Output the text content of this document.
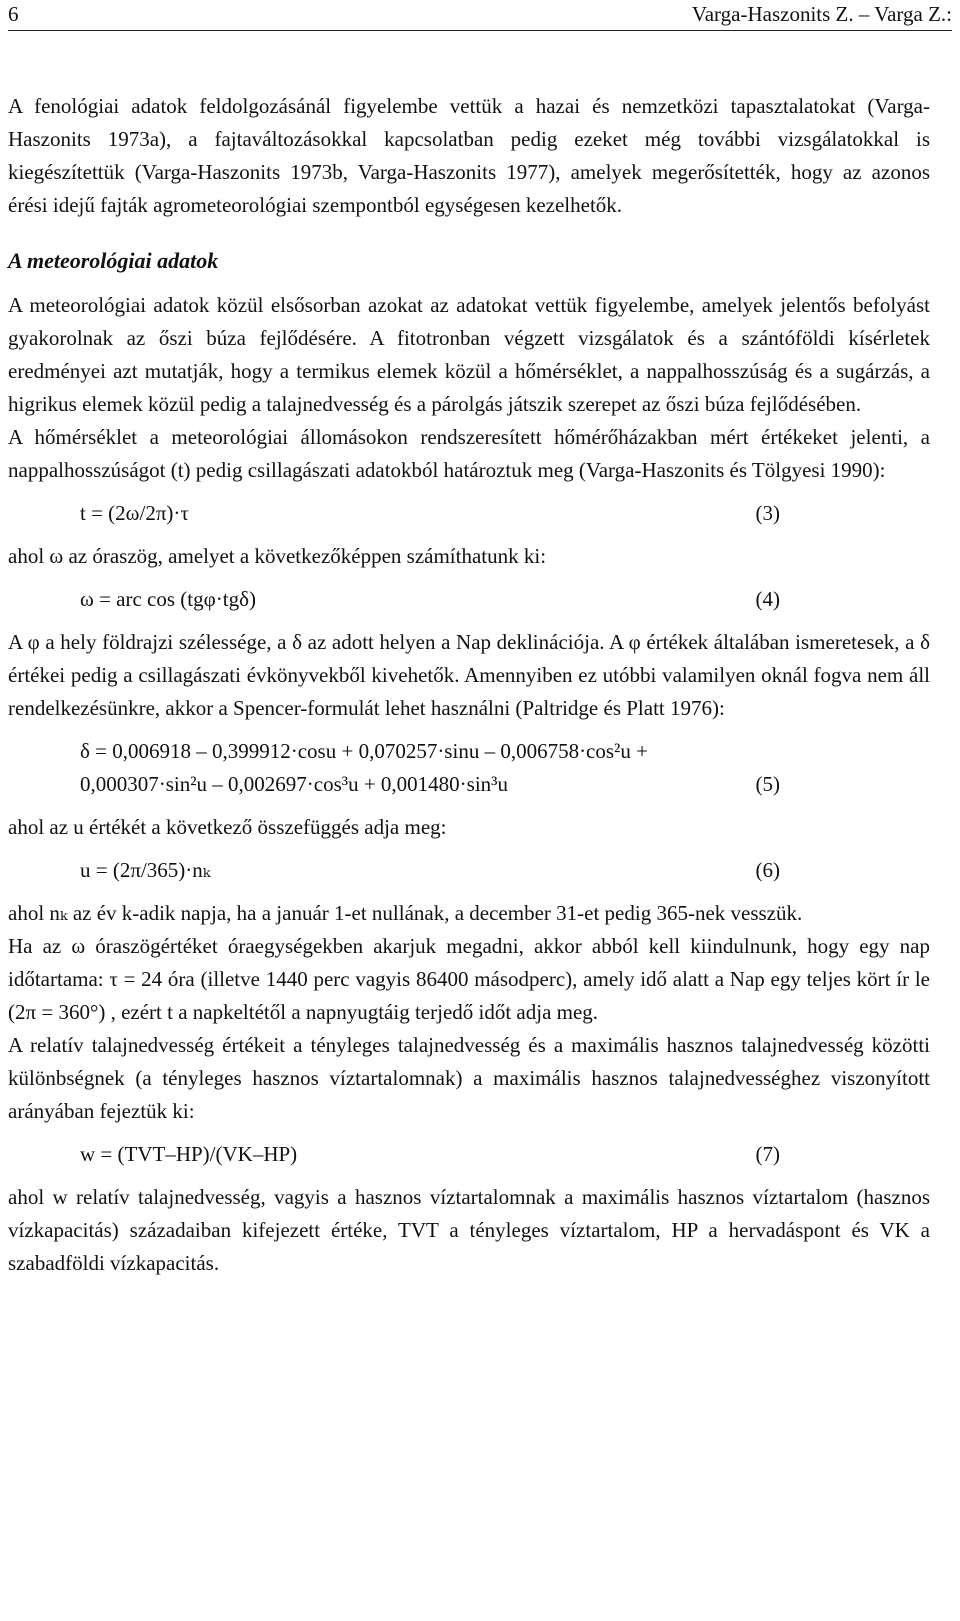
6	Varga-Haszonits Z. – Varga Z.:

A fenológiai adatok feldolgozásánál figyelembe vettük a hazai és nemzetközi tapasztalatokat (Varga-Haszonits 1973a), a fajtaváltozásokkal kapcsolatban pedig ezeket még további vizsgálatokkal is kiegészítettük (Varga-Haszonits 1973b, Varga-Haszonits 1977), amelyek megerősítették, hogy az azonos érési idejű fajták agrometeorológiai szempontból egységesen kezelhetők.

A meteorológiai adatok

A meteorológiai adatok közül elsősorban azokat az adatokat vettük figyelembe, amelyek jelentős befolyást gyakorolnak az őszi búza fejlődésére. A fitotronban végzett vizsgálatok és a szántóföldi kísérletek eredményei azt mutatják, hogy a termikus elemek közül a hőmérséklet, a nappalhosszúság és a sugárzás, a higrikus elemek közül pedig a talajnedvesség és a párolgás játszik szerepet az őszi búza fejlődésében.

A hőmérséklet a meteorológiai állomásokon rendszeresített hőmérőházakban mért értékeket jelenti, a nappalhosszúságot (t) pedig csillagászati adatokból határoztuk meg (Varga-Haszonits és Tölgyesi 1990):

t = (2ω/2π)·τ	(3)

ahol ω az óraszög, amelyet a következőképpen számíthatunk ki:

ω = arc cos (tgφ·tgδ)	(4)

A φ a hely földrajzi szélessége, a δ az adott helyen a Nap deklinációja. A φ értékek általában ismeretesek, a δ értékei pedig a csillagászati évkönyvekből kivehetők. Amennyiben ez utóbbi valamilyen oknál fogva nem áll rendelkezésünkre, akkor a Spencer-formulát lehet használni (Paltridge és Platt 1976):

δ = 0,006918 – 0,399912·cosu + 0,070257·sinu – 0,006758·cos²u +
0,000307·sin²u – 0,002697·cos³u + 0,001480·sin³u	(5)

ahol az u értékét a következő összefüggés adja meg:

u = (2π/365)·nₖ	(6)

ahol nₖ az év k-adik napja, ha a január 1-et nullának, a december 31-et pedig 365-nek vesszük.

Ha az ω óraszögértéket óraegységekben akarjuk megadni, akkor abból kell kiindulnunk, hogy egy nap időtartama: τ = 24 óra (illetve 1440 perc vagyis 86400 másodperc), amely idő alatt a Nap egy teljes kört ír le (2π = 360°) , ezért t a napkeltétől a napnyugtáig terjedő időt adja meg.

A relatív talajnedvesség értékeit a tényleges talajnedvesség és a maximális hasznos talajnedvesség közötti különbségnek (a tényleges hasznos víztartalomnak) a maximális hasznos talajnedvességhez viszonyított arányában fejeztük ki:

w = (TVT–HP)/(VK–HP)	(7)

ahol w relatív talajnedvesség, vagyis a hasznos víztartalomnak a maximális hasznos víztartalom (hasznos vízkapacitás) századaiban kifejezett értéke, TVT a tényleges víztartalom, HP a hervadáspont és VK a szabadföldi vízkapacitás.
